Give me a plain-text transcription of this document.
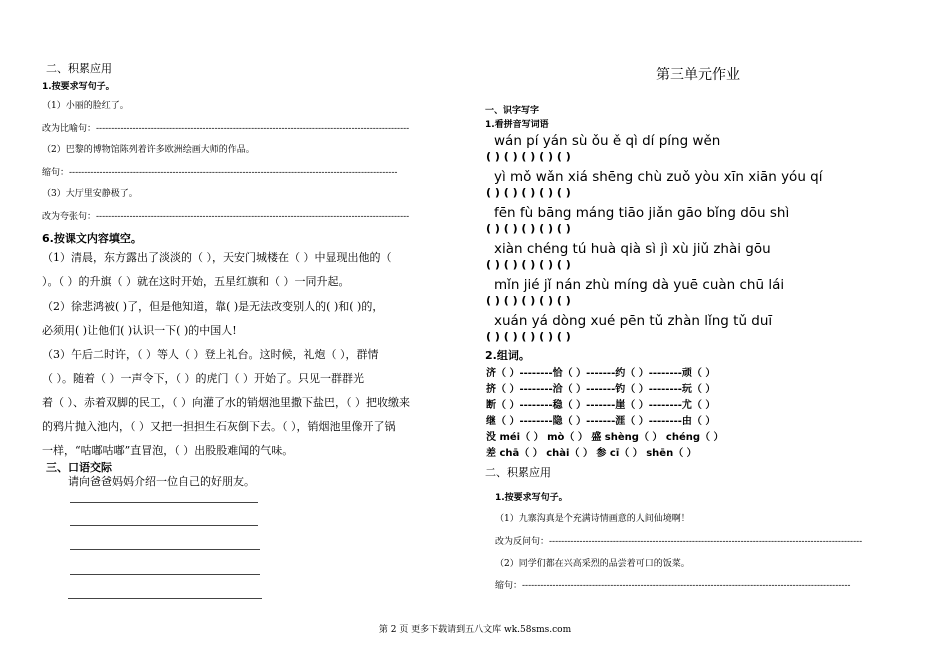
二、积累应用
1.按要求写句子。
（1）小丽的脸红了。
改为比喻句：-------------------------------------------------------------------------------------------------------
（2）巴黎的博物馆陈列着许多欧洲绘画大师的作品。
缩句：------------------------------------------------------------------------------------------------------------
（3）大厅里安静极了。
改为夸张句：-------------------------------------------------------------------------------------------------------
6.按课文内容填空。
（1）清晨，东方露出了淡淡的（ ），天安门城楼在（ ）中显现出他的（
）。（ ）的升旗（ ）就在这时开始，五星红旗和（ ）一同升起。
（2）徐悲鸿被( )了，但是他知道，靠( )是无法改变别人的( )和( )的，
必须用( )让他们( )认识一下( )的中国人!
（3）午后二时许，（ ）等人（ ）登上礼台。这时候，礼炮（ ），群情
（ ）。随着（ ）一声令下，（ ）的虎门（ ）开始了。只见一群群光
着（ ）、赤着双脚的民工，（ ）向灌了水的销烟池里撒下盐巴，（ ）把收缴来
的鸦片抛入池内，（ ）又把一担担生石灰倒下去。（ ），销烟池里像开了锅
一样，“咕嘟咕嘟”直冒泡，（ ）出股股难闻的气味。
三、口语交际
请向爸爸妈妈介绍一位自己的好朋友。
第三单元作业
一、识字写字
1.看拼音写词语
wán pí yán sù ǒu ě qì dí píng wěn
( ) ( ) ( ) ( ) ( )
yì mǒ wǎn xiá shēng chù zuǒ yòu xīn xiān yóu qí
( ) ( ) ( ) ( ) ( )
fēn fù bāng máng tiāo jiǎn gāo bǐng dōu shì
( ) ( ) ( ) ( ) ( )
xiàn chéng tú huà qià sì jì xù jiǔ zhài gōu
( ) ( ) ( ) ( ) ( )
mǐn jié jǐ nán zhù míng dà yuē cuàn chū lái
( ) ( ) ( ) ( ) ( )
xuán yá dòng xué pēn tǔ zhàn lǐng tǔ duī
( ) ( ) ( ) ( ) ( )
2.组词。
济（ ）--------恰（ ）-------约（ ）--------顽（ ）
挤（ ）--------洽（ ）-------钓（ ）--------玩（ ）
断（ ）--------稳（ ）-------崖（ ）--------尤（ ）
继（ ）--------隐（ ）-------涯（ ）--------由（ ）
没 méi（ ） mò（ ） 盛 shèng（ ） chéng（ ）
差 chā（ ） chài（ ） 参 cī（ ） shēn（ ）
二、积累应用
1.按要求写句子。
（1）九寨沟真是个充满诗情画意的人间仙境啊！
改为反问句：-------------------------------------------------------------------------------------------------------
（2）同学们都在兴高采烈的品尝着可口的饭菜。
缩句：------------------------------------------------------------------------------------------------------------
第 2 页 更多下载请到五八文库 wk.58sms.com
